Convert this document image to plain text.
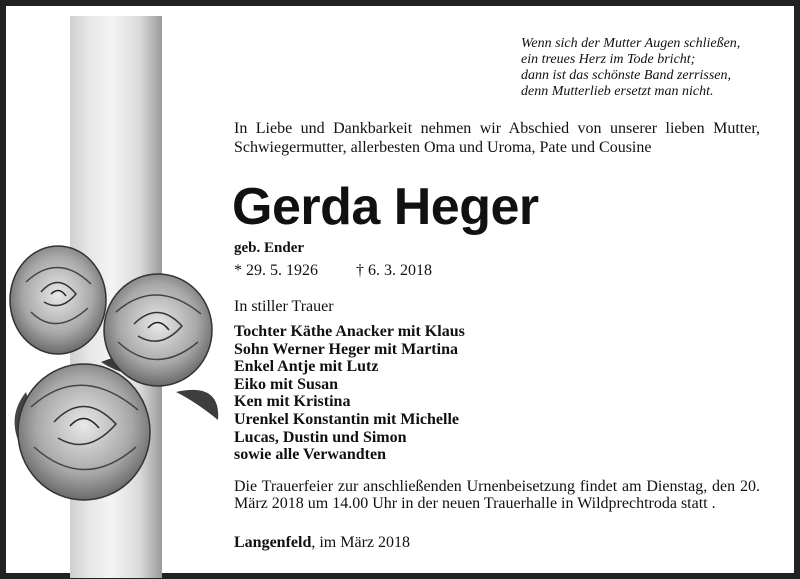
Wenn sich der Mutter Augen schließen,
ein treues Herz im Tode bricht;
dann ist das schönste Band zerrissen,
denn Mutterlieb ersetzt man nicht.
In Liebe und Dankbarkeit nehmen wir Abschied von unserer lieben Mutter, Schwiegermutter, allerbesten Oma und Uroma, Pate und Cousine
Gerda Heger
geb. Ender
* 29. 5. 1926 † 6. 3. 2018
In stiller Trauer
Tochter Käthe Anacker mit Klaus
Sohn Werner Heger mit Martina
Enkel Antje mit Lutz
Eiko mit Susan
Ken mit Kristina
Urenkel Konstantin mit Michelle
Lucas, Dustin und Simon
sowie alle Verwandten
Die Trauerfeier zur anschließenden Urnenbeisetzung findet am Dienstag, den 20. März 2018 um 14.00 Uhr in der neuen Trauerhalle in Wildprechtroda statt .
Langenfeld, im März 2018
